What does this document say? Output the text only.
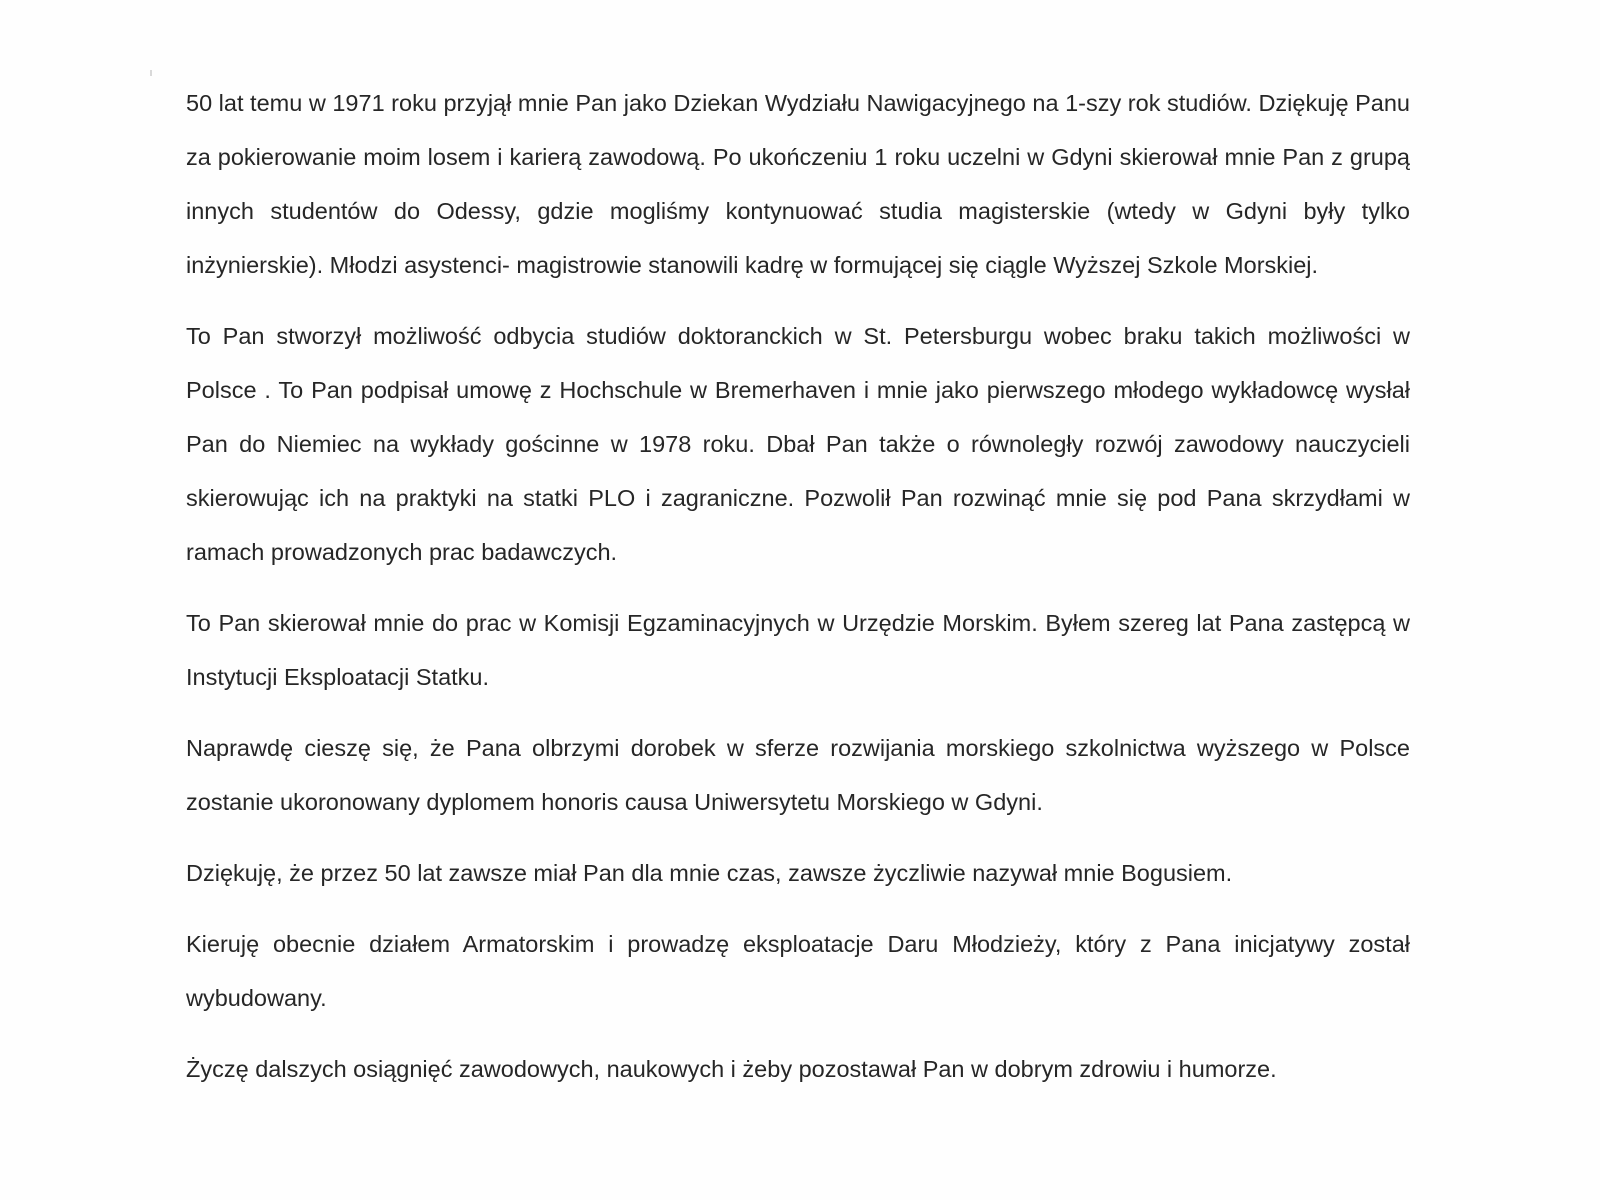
50 lat temu w 1971 roku przyjął mnie Pan jako Dziekan Wydziału Nawigacyjnego na 1-szy rok studiów. Dziękuję Panu za pokierowanie moim losem i karierą zawodową. Po ukończeniu 1 roku uczelni w Gdyni skierował mnie Pan z grupą innych studentów do Odessy, gdzie mogliśmy kontynuować studia magisterskie (wtedy w Gdyni były tylko inżynierskie). Młodzi asystenci- magistrowie stanowili kadrę w formującej się ciągle Wyższej Szkole Morskiej.

To Pan stworzył możliwość odbycia studiów doktoranckich w St. Petersburgu wobec braku takich możliwości w Polsce . To Pan podpisał umowę z Hochschule w Bremerhaven i mnie jako pierwszego młodego wykładowcę wysłał Pan do Niemiec na wykłady gościnne w 1978 roku. Dbał Pan także o równoległy rozwój zawodowy nauczycieli skierowując ich na praktyki na statki PLO i zagraniczne. Pozwolił Pan rozwinąć mnie się pod Pana skrzydłami w ramach prowadzonych prac badawczych.

To Pan skierował mnie do prac w Komisji Egzaminacyjnych w Urzędzie Morskim. Byłem szereg lat Pana zastępcą w Instytucji Eksploatacji Statku.

Naprawdę cieszę się, że Pana olbrzymi dorobek w sferze rozwijania morskiego szkolnictwa wyższego w Polsce zostanie ukoronowany dyplomem honoris causa Uniwersytetu Morskiego w Gdyni.

Dziękuję, że przez 50 lat zawsze miał Pan dla mnie czas, zawsze życzliwie nazywał mnie Bogusiem.

Kieruję obecnie działem Armatorskim i prowadzę eksploatacje Daru Młodzieży, który z Pana inicjatywy został wybudowany.

Życzę dalszych osiągnięć zawodowych, naukowych i żeby pozostawał Pan w dobrym zdrowiu i humorze.
